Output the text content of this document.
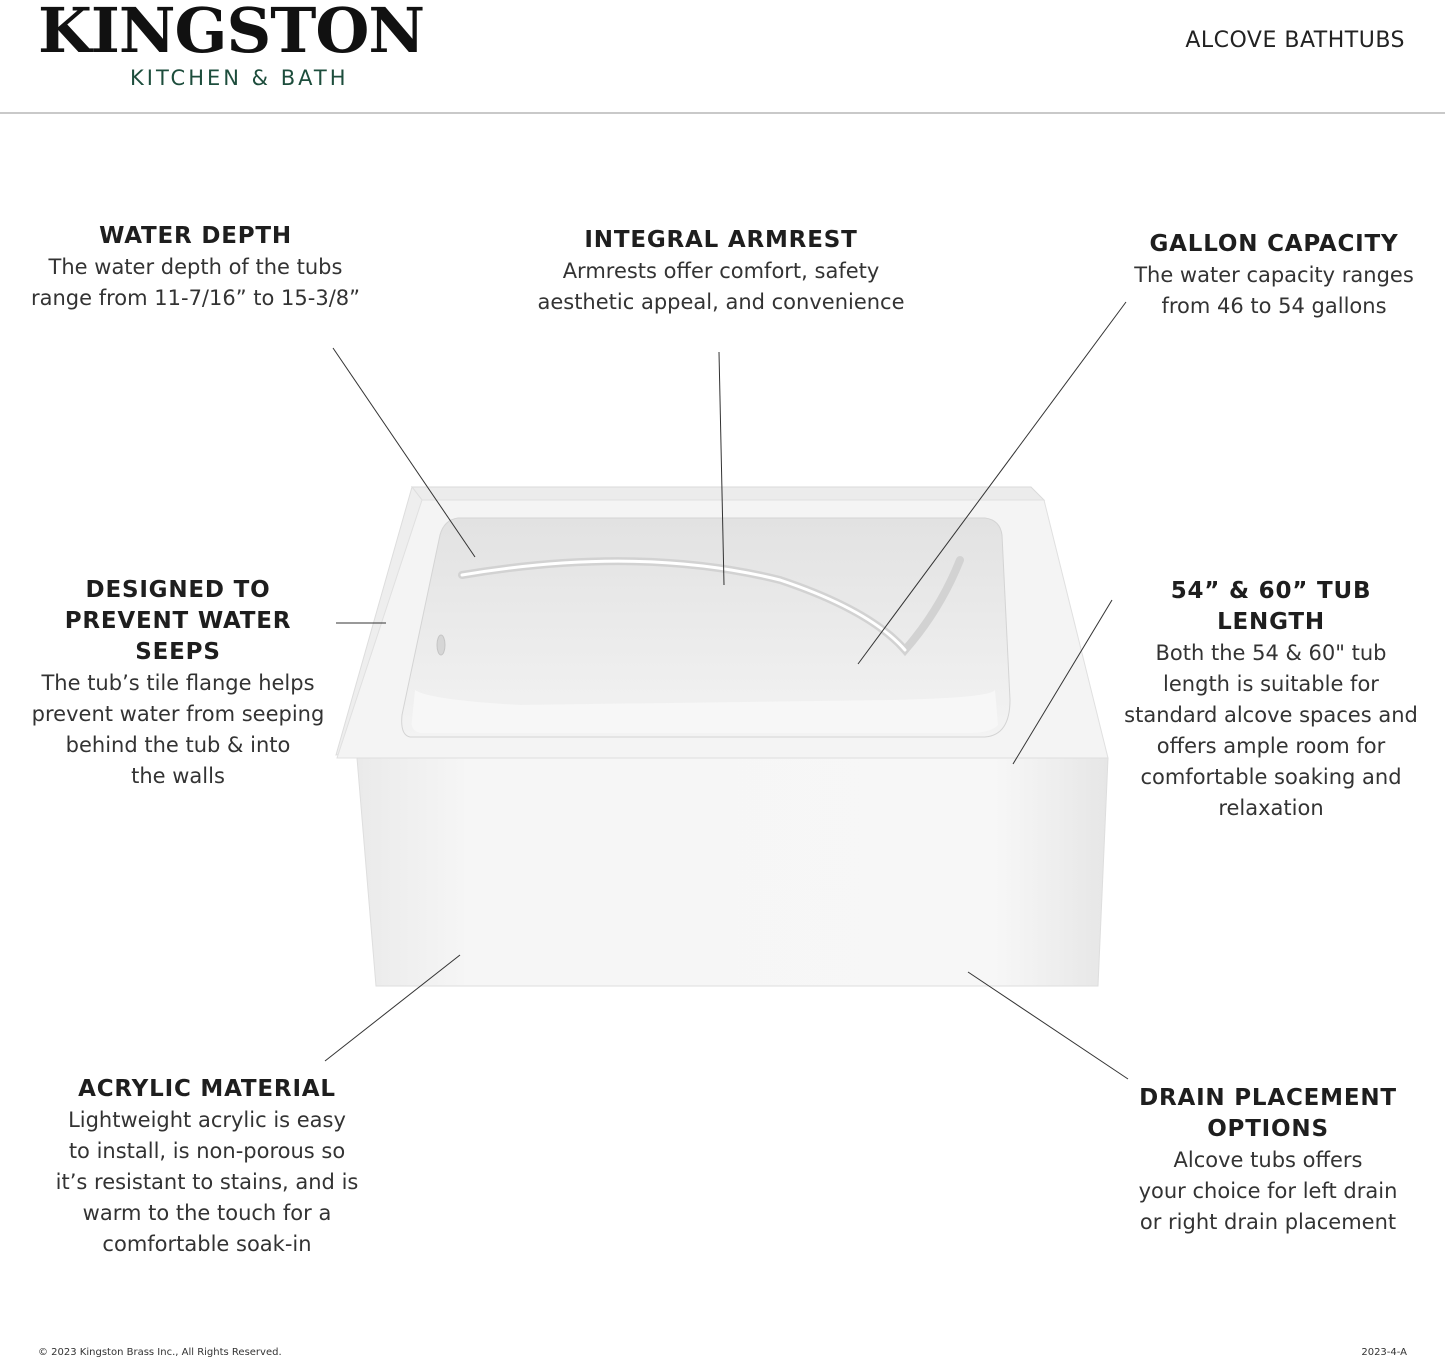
KINGSTON
KITCHEN & BATH
ALCOVE BATHTUBS
WATER DEPTH
The water depth of the tubs
range from 11-7/16” to 15-3/8”
INTEGRAL ARMREST
Armrests offer comfort, safety
aesthetic appeal, and convenience
GALLON CAPACITY
The water capacity ranges
from 46 to 54 gallons
DESIGNED TO
PREVENT WATER SEEPS
The tub’s tile flange helps
prevent water from seeping
behind the tub & into
the walls
54” & 60” TUB LENGTH
Both the 54 & 60" tub
length is suitable for
standard alcove spaces and
offers ample room for
comfortable soaking and
relaxation
ACRYLIC MATERIAL
Lightweight acrylic is easy
to install, is non-porous so
it’s resistant to stains, and is
warm to the touch for a
comfortable soak-in
DRAIN PLACEMENT
OPTIONS
Alcove tubs offers
your choice for left drain
or right drain placement
© 2023 Kingston Brass Inc., All Rights Reserved.	2023-4-A
